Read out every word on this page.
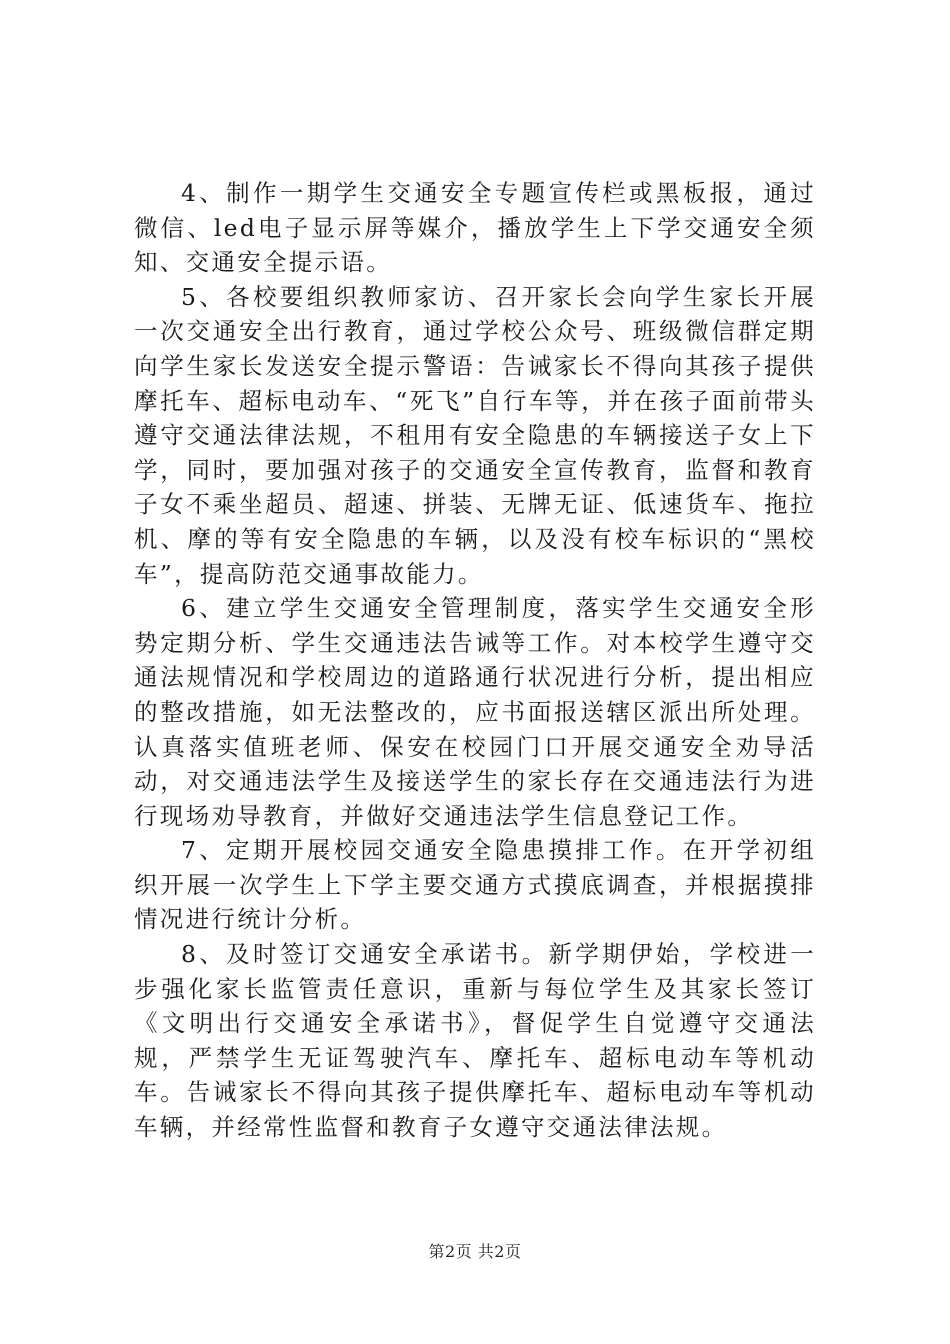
4、制作一期学生交通安全专题宣传栏或黑板报，通过微信、led电子显示屏等媒介，播放学生上下学交通安全须知、交通安全提示语。

5、各校要组织教师家访、召开家长会向学生家长开展一次交通安全出行教育，通过学校公众号、班级微信群定期向学生家长发送安全提示警语：告诫家长不得向其孩子提供摩托车、超标电动车、“死飞”自行车等，并在孩子面前带头遵守交通法律法规，不租用有安全隐患的车辆接送子女上下学，同时，要加强对孩子的交通安全宣传教育，监督和教育子女不乘坐超员、超速、拼装、无牌无证、低速货车、拖拉机、摩的等有安全隐患的车辆，以及没有校车标识的“黑校车”，提高防范交通事故能力。

6、建立学生交通安全管理制度，落实学生交通安全形势定期分析、学生交通违法告诫等工作。对本校学生遵守交通法规情况和学校周边的道路通行状况进行分析，提出相应的整改措施，如无法整改的，应书面报送辖区派出所处理。认真落实值班老师、保安在校园门口开展交通安全劝导活动，对交通违法学生及接送学生的家长存在交通违法行为进行现场劝导教育，并做好交通违法学生信息登记工作。

7、定期开展校园交通安全隐患摸排工作。在开学初组织开展一次学生上下学主要交通方式摸底调查，并根据摸排情况进行统计分析。

8、及时签订交通安全承诺书。新学期伊始，学校进一步强化家长监管责任意识，重新与每位学生及其家长签订《文明出行交通安全承诺书》，督促学生自觉遵守交通法规，严禁学生无证驾驶汽车、摩托车、超标电动车等机动车。告诫家长不得向其孩子提供摩托车、超标电动车等机动车辆，并经常性监督和教育子女遵守交通法律法规。

第2页 共2页
